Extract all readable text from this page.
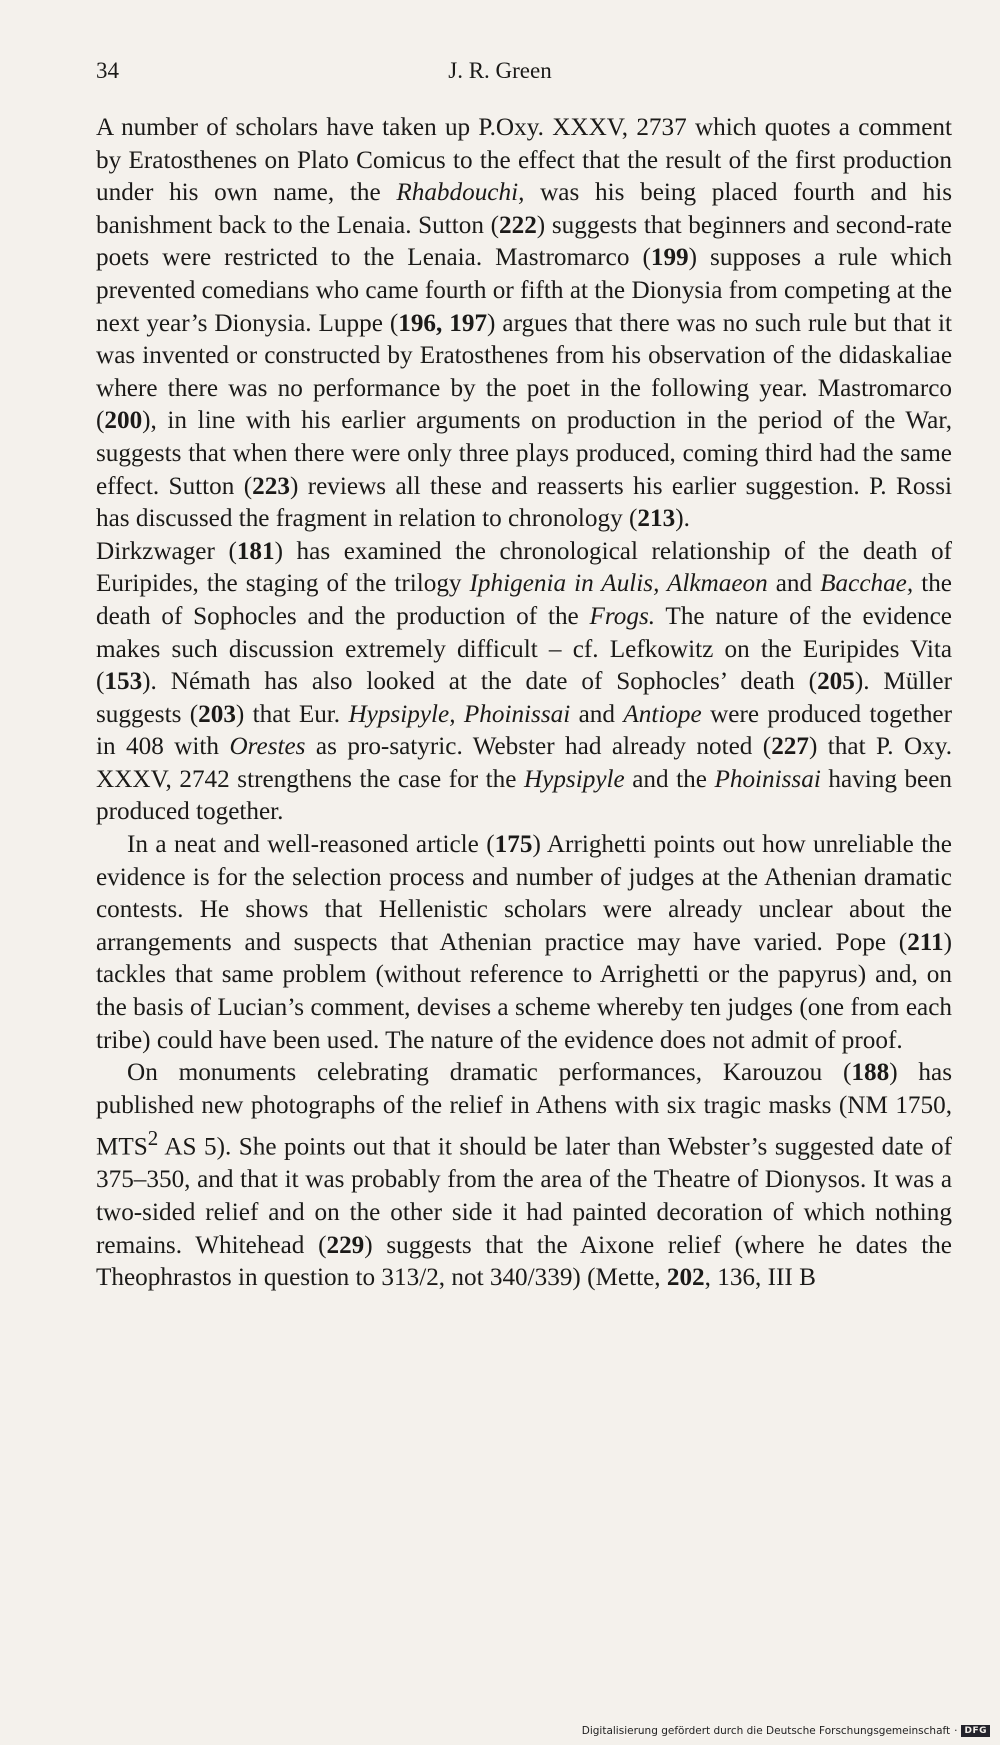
34	J. R. Green

A number of scholars have taken up P.Oxy. XXXV, 2737 which quotes a comment by Eratosthenes on Plato Comicus to the effect that the result of the first production under his own name, the Rhabdouchi, was his being placed fourth and his banishment back to the Lenaia. Sutton (222) suggests that beginners and second-rate poets were restricted to the Lenaia. Mastromarco (199) supposes a rule which prevented comedians who came fourth or fifth at the Dionysia from competing at the next year’s Dionysia. Luppe (196, 197) argues that there was no such rule but that it was invented or constructed by Eratosthenes from his observation of the didaskaliae where there was no performance by the poet in the following year. Mastromarco (200), in line with his earlier arguments on production in the period of the War, suggests that when there were only three plays produced, coming third had the same effect. Sutton (223) reviews all these and reasserts his earlier suggestion. P. Rossi has discussed the fragment in relation to chronology (213).

Dirkzwager (181) has examined the chronological relationship of the death of Euripides, the staging of the trilogy Iphigenia in Aulis, Alkmaeon and Bacchae, the death of Sophocles and the production of the Frogs. The nature of the evidence makes such discussion extremely difficult – cf. Lefkowitz on the Euripides Vita (153). Némath has also looked at the date of Sophocles’ death (205). Müller suggests (203) that Eur. Hypsipyle, Phoinissai and Antiope were produced together in 408 with Orestes as pro-satyric. Webster had already noted (227) that P. Oxy. XXXV, 2742 strengthens the case for the Hypsipyle and the Phoinissai having been produced together.

In a neat and well-reasoned article (175) Arrighetti points out how unreliable the evidence is for the selection process and number of judges at the Athenian dramatic contests. He shows that Hellenistic scholars were already unclear about the arrangements and suspects that Athenian practice may have varied. Pope (211) tackles that same problem (without reference to Arrighetti or the papyrus) and, on the basis of Lucian’s comment, devises a scheme whereby ten judges (one from each tribe) could have been used. The nature of the evidence does not admit of proof.

On monuments celebrating dramatic performances, Karouzou (188) has published new photographs of the relief in Athens with six tragic masks (NM 1750, MTS$^2$ AS 5). She points out that it should be later than Webster’s suggested date of 375–350, and that it was probably from the area of the Theatre of Dionysos. It was a two-sided relief and on the other side it had painted decoration of which nothing remains. Whitehead (229) suggests that the Aixone relief (where he dates the Theophrastos in question to 313/2, not 340/339) (Mette, 202, 136, III B

Digitalisierung gefördert durch die Deutsche Forschungsgemeinschaft · DFG
